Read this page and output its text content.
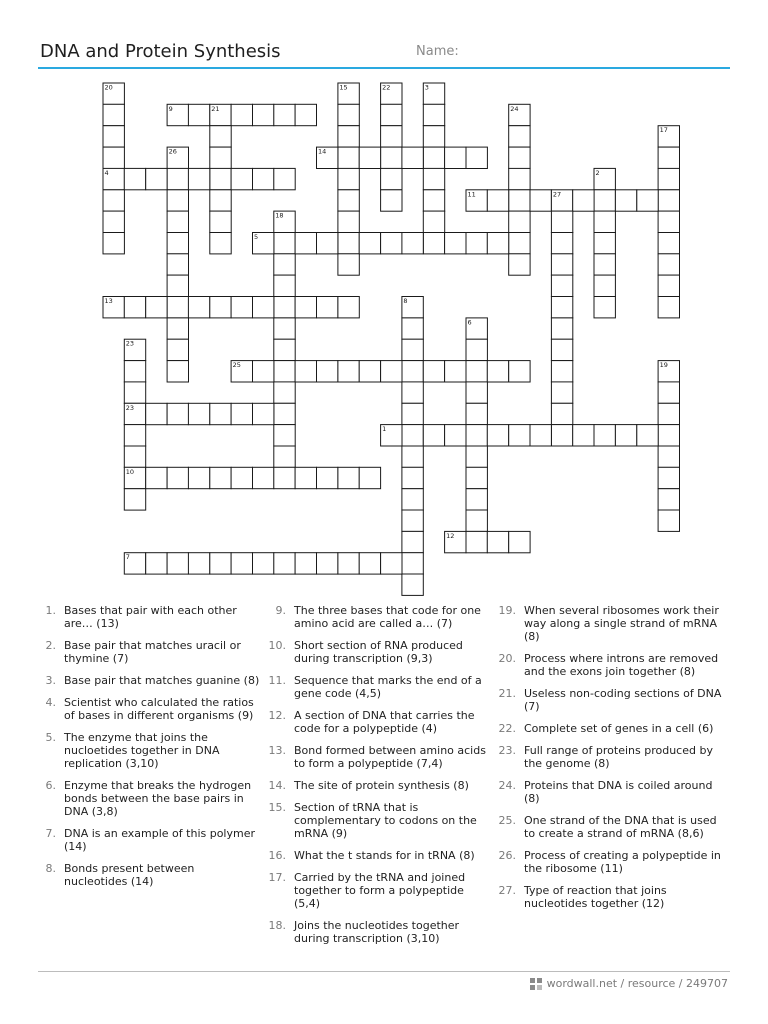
DNA and Protein Synthesis	Name:
20	15	22	3
9	21	24
17
26	14
4	2
11	27
18
5
13	8
6
23
25	19
23
1
10
12
7
1. Bases that pair with each other are… (13)
2. Base pair that matches uracil or thymine (7)
3. Base pair that matches guanine (8)
4. Scientist who calculated the ratios of bases in different organisms (9)
5. The enzyme that joins the nucloetides together in DNA replication (3,10)
6. Enzyme that breaks the hydrogen bonds between the base pairs in DNA (3,8)
7. DNA is an example of this polymer (14)
8. Bonds present between nucleotides (14)
9. The three bases that code for one amino acid are called a… (7)
10. Short section of RNA produced during transcription (9,3)
11. Sequence that marks the end of a gene code (4,5)
12. A section of DNA that carries the code for a polypeptide (4)
13. Bond formed between amino acids to form a polypeptide (7,4)
14. The site of protein synthesis (8)
15. Section of tRNA that is complementary to codons on the mRNA (9)
16. What the t stands for in tRNA (8)
17. Carried by the tRNA and joined together to form a polypeptide (5,4)
18. Joins the nucleotides together during transcription (3,10)
19. When several ribosomes work their way along a single strand of mRNA (8)
20. Process where introns are removed and the exons join together (8)
21. Useless non-coding sections of DNA (7)
22. Complete set of genes in a cell (6)
23. Full range of proteins produced by the genome (8)
24. Proteins that DNA is coiled around (8)
25. One strand of the DNA that is used to create a strand of mRNA (8,6)
26. Process of creating a polypeptide in the ribosome (11)
27. Type of reaction that joins nucleotides together (12)
wordwall.net / resource / 249707
